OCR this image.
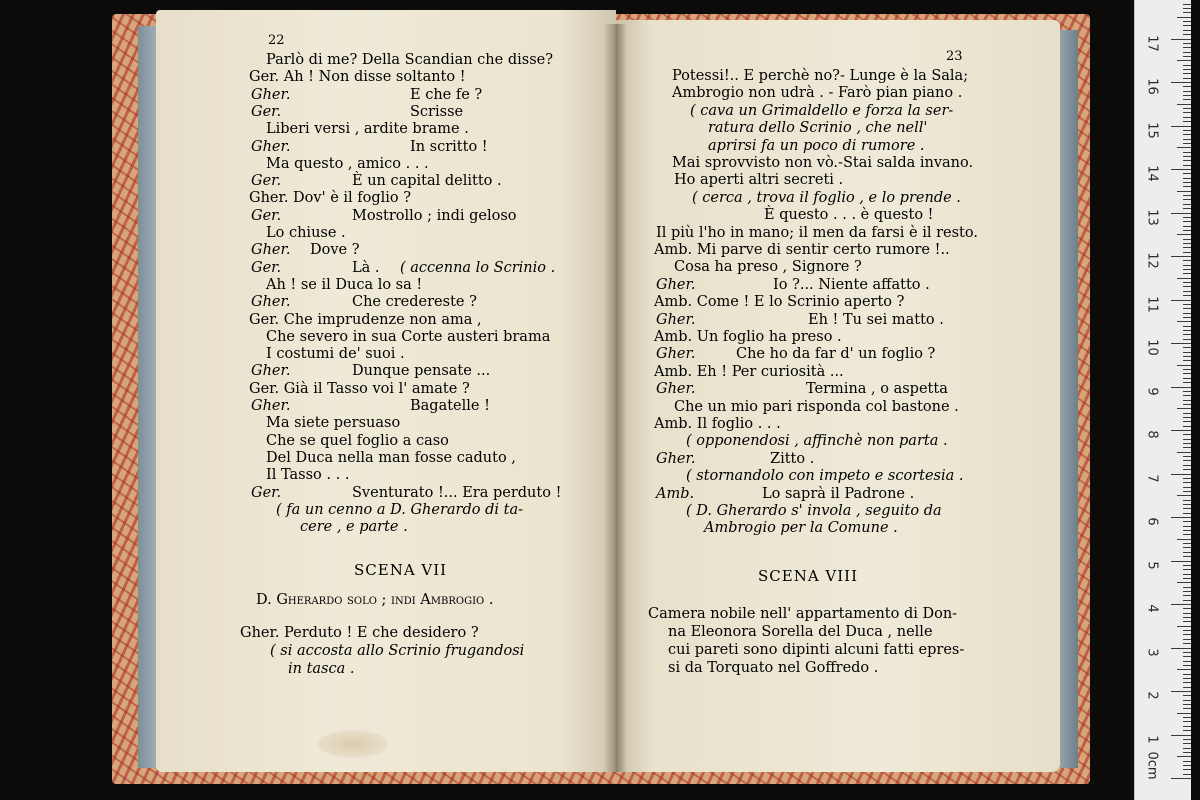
22
Parlò di me? Della Scandian che disse?
Ger. Ah ! Non disse soltanto !
Gher.	E che fe ?
Ger.	Scrisse
Liberi versi , ardite brame .
Gher.	In scritto !
Ma questo , amico . . .
Ger.	È un capital delitto .
Gher. Dov' è il foglio ?
Ger.	Mostrollo ; indi geloso
Lo chiuse .
Gher. Dove ?
Ger.	Là . ( accenna lo Scrinio .
Ah ! se il Duca lo sa !
Gher.	Che credereste ?
Ger. Che imprudenze non ama ,
Che severo in sua Corte austeri brama
I costumi de' suoi .
Gher.	Dunque pensate ...
Ger. Già il Tasso voi l' amate ?
Gher.	Bagatelle !
Ma siete persuaso
Che se quel foglio a caso
Del Duca nella man fosse caduto ,
Il Tasso . . .
Ger.	Sventurato !... Era perduto !
( fa un cenno a D. Gherardo di ta-
cere , e parte .
SCENA VII
D. Gherardo solo ; indi Ambrogio .
Gher. Perduto ! E che desidero ?
( si accosta allo Scrinio frugandosi
in tasca .
23
Potessi!.. E perchè no?- Lunge è la Sala;
Ambrogio non udrà . - Farò pian piano .
( cava un Grimaldello e forza la ser-
ratura dello Scrinio , che nell'
aprirsi fa un poco di rumore .
Mai sprovvisto non vò.-Stai salda invano.
Ho aperti altri secreti .
( cerca , trova il foglio , e lo prende .
È questo . . . è questo !
Il più l'ho in mano; il men da farsi è il resto.
Amb. Mi parve di sentir certo rumore !..
Cosa ha preso , Signore ?
Gher.	Io ?... Niente affatto .
Amb. Come ! E lo Scrinio aperto ?
Gher.	Eh ! Tu sei matto .
Amb. Un foglio ha preso .
Gher.	Che ho da far d' un foglio ?
Amb. Eh ! Per curiosità ...
Gher.	Termina , o aspetta
Che un mio pari risponda col bastone .
Amb. Il foglio . . .
( opponendosi , affinchè non parta .
Gher.	Zitto .
( stornandolo con impeto e scortesia .
Amb.	Lo saprà il Padrone .
( D. Gherardo s' invola , seguito da
Ambrogio per la Comune .
SCENA VIII
Camera nobile nell' appartamento di Don-
na Eleonora Sorella del Duca , nelle
cui pareti sono dipinti alcuni fatti epres-
si da Torquato nel Goffredo .
0cm
1
2
3
4
5
6
7
8
9
10
11
12
13
14
15
16
17
